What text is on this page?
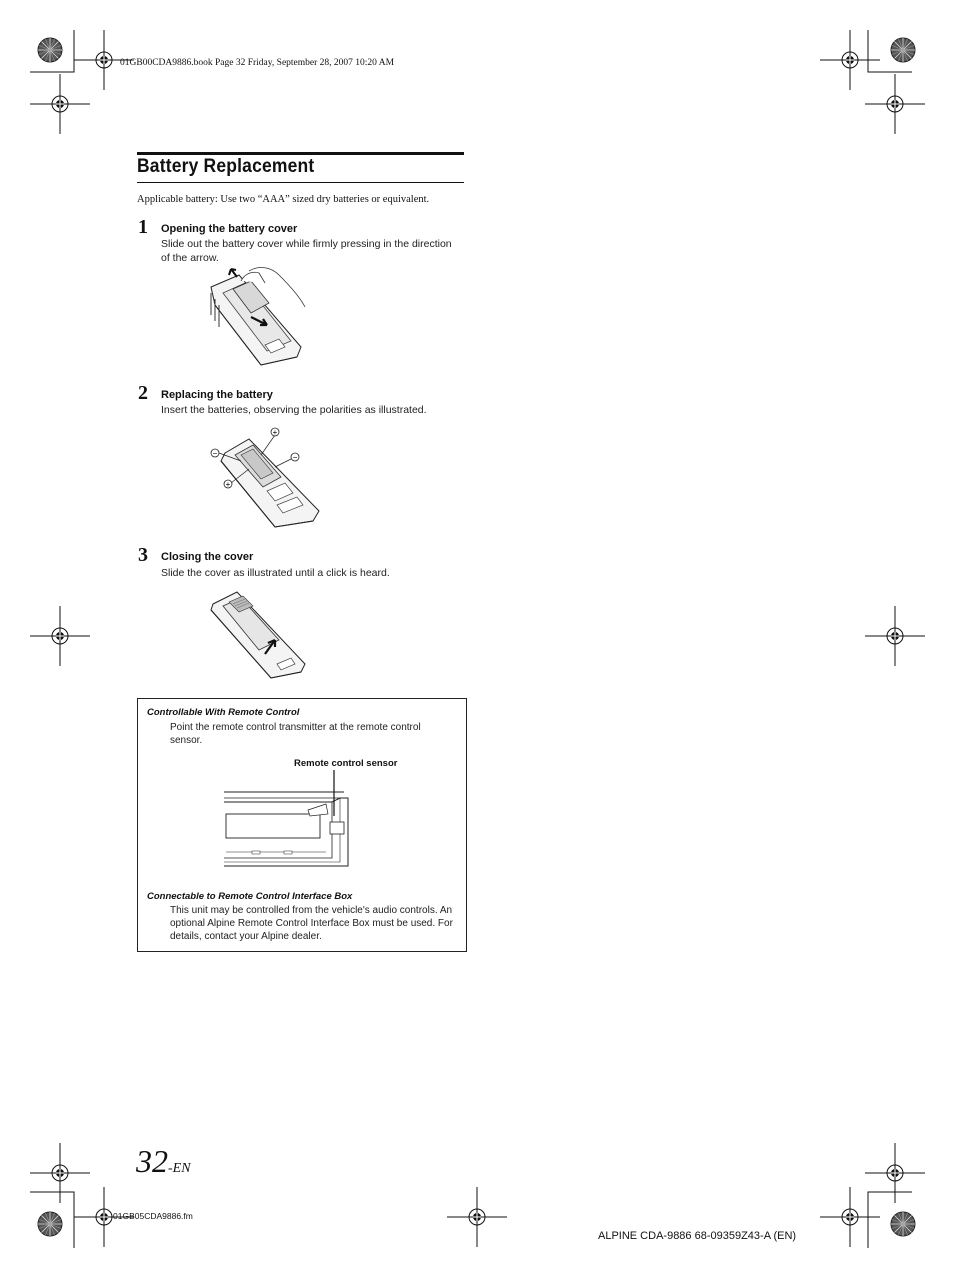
01GB00CDA9886.book Page 32 Friday, September 28, 2007 10:20 AM
Battery Replacement
Applicable battery: Use two “AAA” sized dry batteries or equivalent.
1 Opening the battery cover
Slide out the battery cover while firmly pressing in the direction of the arrow.
2 Replacing the battery
Insert the batteries, observing the polarities as illustrated.
−
+
−
+
3 Closing the cover
Slide the cover as illustrated until a click is heard.
Controllable With Remote Control
Point the remote control transmitter at the remote control sensor.
Remote control sensor
Connectable to Remote Control Interface Box
This unit may be controlled from the vehicle's audio controls. An optional Alpine Remote Control Interface Box must be used. For details, contact your Alpine dealer.
32-EN
01GB05CDA9886.fm
ALPINE CDA-9886 68-09359Z43-A (EN)
